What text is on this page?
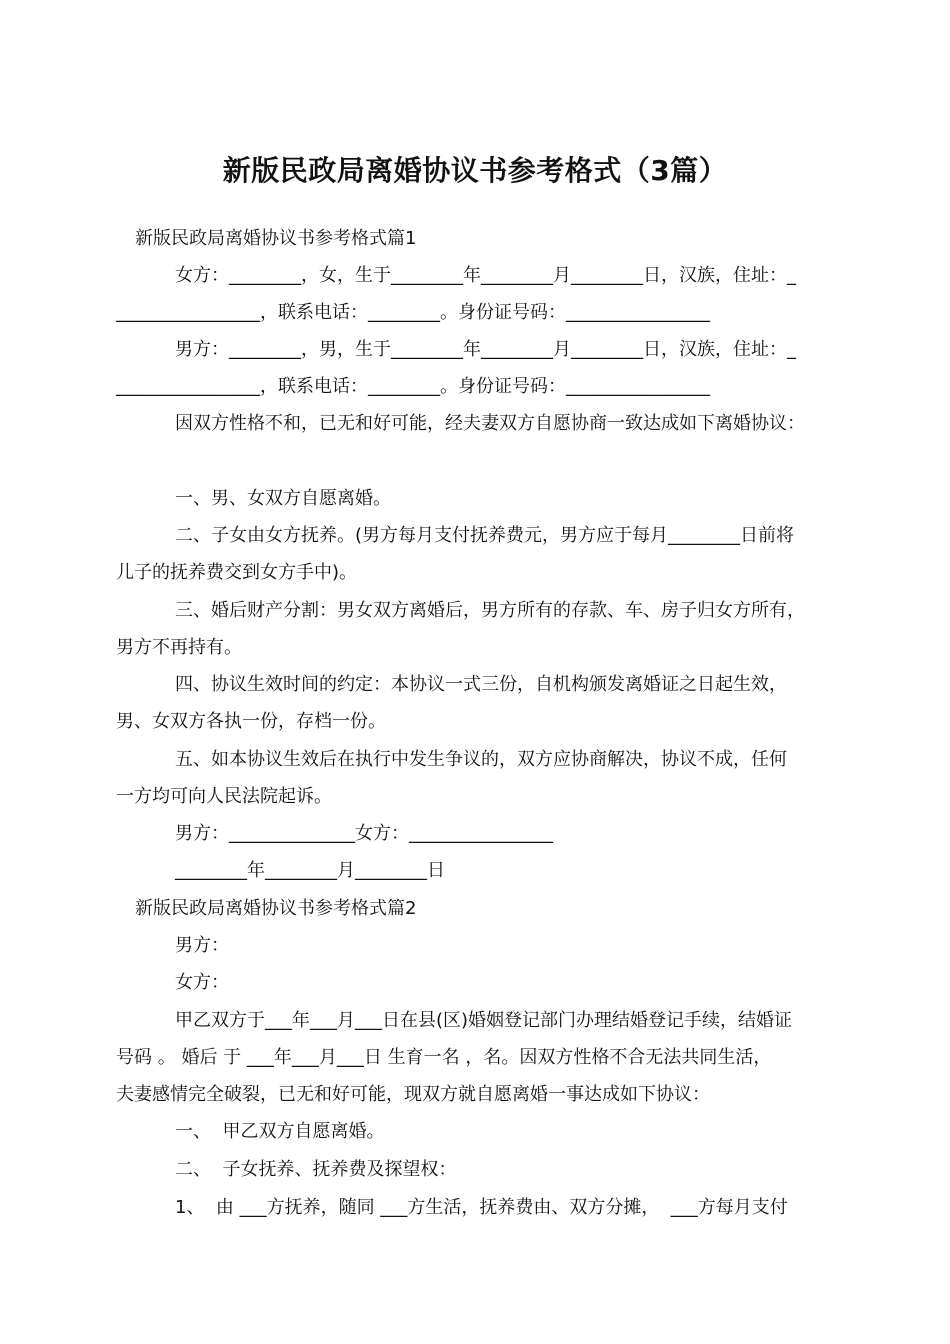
新版民政局离婚协议书参考格式（3篇）

新版民政局离婚协议书参考格式篇1

女方：________，女，生于________年________月________日，汉族，住址：_

________________，联系电话：________。身份证号码：________________

男方：________，男，生于________年________月________日，汉族，住址：_

________________，联系电话：________。身份证号码：________________

因双方性格不和，已无和好可能，经夫妻双方自愿协商一致达成如下离婚协议：

一、男、女双方自愿离婚。

二、子女由女方抚养。(男方每月支付抚养费元，男方应于每月________日前将

儿子的抚养费交到女方手中)。

三、婚后财产分割：男女双方离婚后，男方所有的存款、车、房子归女方所有，

男方不再持有。

四、协议生效时间的约定：本协议一式三份，自机构颁发离婚证之日起生效，

男、女双方各执一份，存档一份。

五、如本协议生效后在执行中发生争议的，双方应协商解决，协议不成，任何

一方均可向人民法院起诉。

男方：______________女方：________________

________年________月________日

新版民政局离婚协议书参考格式篇2

男方：

女方：

甲乙双方于___年___月___日在县(区)婚姻登记部门办理结婚登记手续，结婚证

号码 。 婚后 于 ___年___月___日 生育一名 ，名。因双方性格不合无法共同生活，

夫妻感情完全破裂，已无和好可能，现双方就自愿离婚一事达成如下协议：

一、  甲乙双方自愿离婚。

二、  子女抚养、抚养费及探望权：

1、  由 ___方抚养，随同 ___方生活，抚养费由、双方分摊，  ___方每月支付
